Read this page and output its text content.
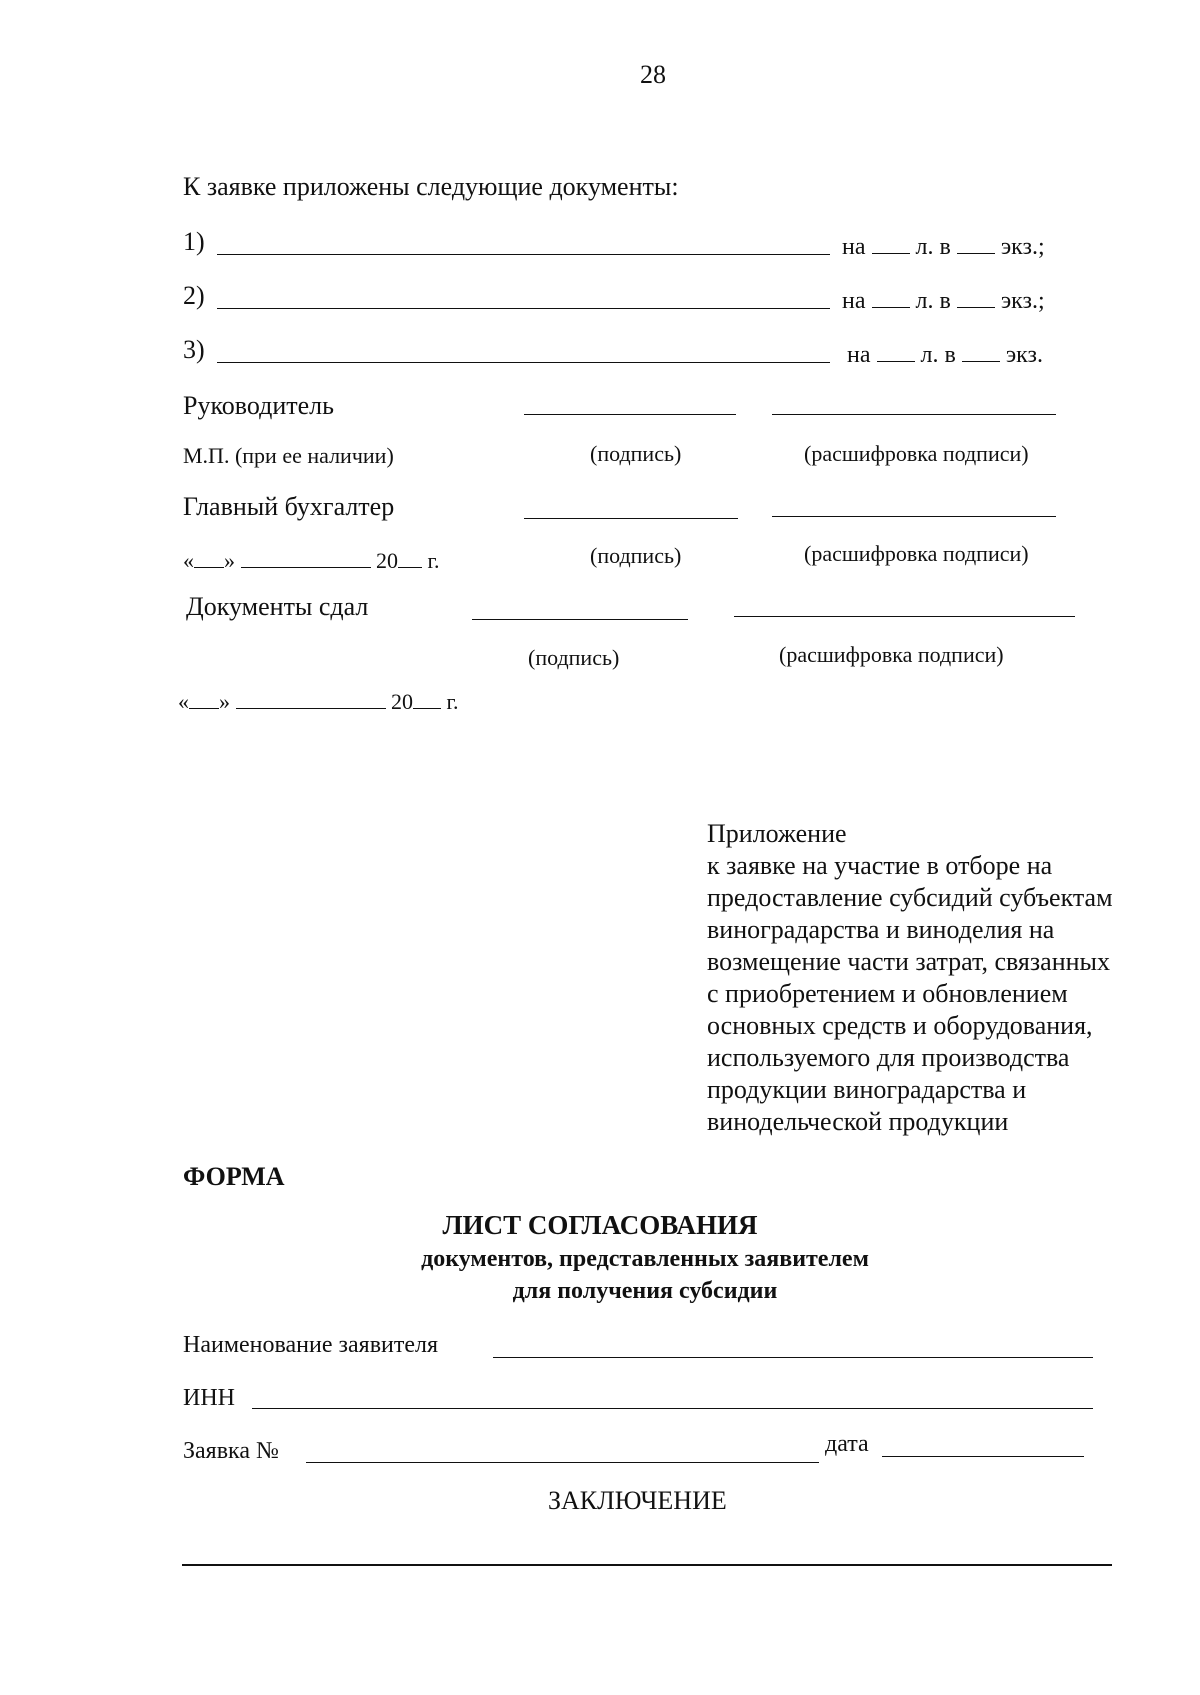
28
К заявке приложены следующие документы:
1)	на л. в экз.;
2)	на л. в экз.;
3)	на л. в экз.
Руководитель
М.П. (при ее наличии)	(подпись)	(расшифровка подписи)
Главный бухгалтер
« »	20 г.	(подпись)	(расшифровка подписи)
Документы сдал
(подпись)	(расшифровка подписи)
« »	20 г.
Приложение
к заявке на участие в отборе на
предоставление субсидий субъектам
виноградарства и виноделия на
возмещение части затрат, связанных
с приобретением и обновлением
основных средств и оборудования,
используемого для производства
продукции виноградарства и
винодельческой продукции
ФОРМА
ЛИСТ СОГЛАСОВАНИЯ
документов, представленных заявителем
для получения субсидии
Наименование заявителя
ИНН
Заявка №	дата
ЗАКЛЮЧЕНИЕ
